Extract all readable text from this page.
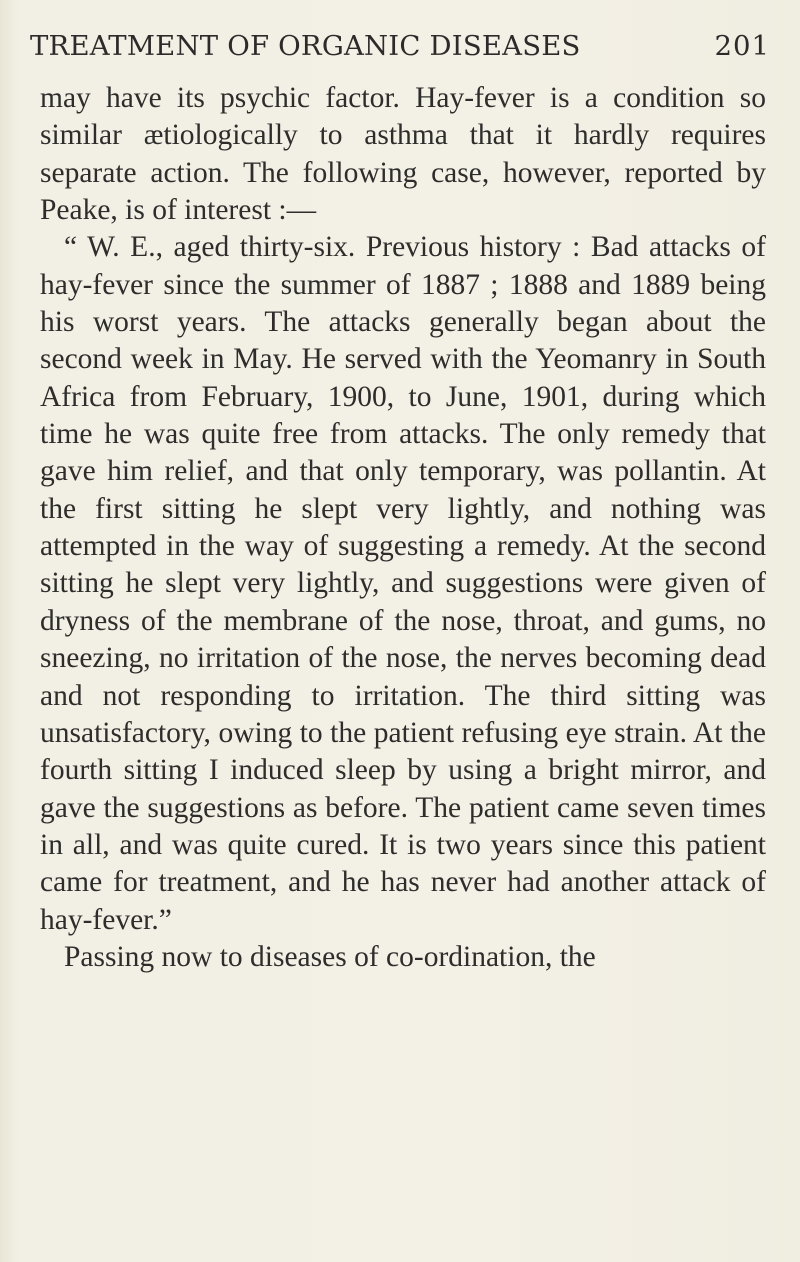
TREATMENT OF ORGANIC DISEASES	201

may have its psychic factor. Hay-fever is a condition so similar ætiologically to asthma that it hardly requires separate action. The following case, however, reported by Peake, is of interest :—

“ W. E., aged thirty-six. Previous history : Bad attacks of hay-fever since the summer of 1887 ; 1888 and 1889 being his worst years. The attacks generally began about the second week in May. He served with the Yeomanry in South Africa from February, 1900, to June, 1901, during which time he was quite free from attacks. The only remedy that gave him relief, and that only temporary, was pollantin. At the first sitting he slept very lightly, and nothing was attempted in the way of suggesting a remedy. At the second sitting he slept very lightly, and suggestions were given of dryness of the membrane of the nose, throat, and gums, no sneezing, no irritation of the nose, the nerves becoming dead and not responding to irritation. The third sitting was unsatisfactory, owing to the patient refusing eye strain. At the fourth sitting I induced sleep by using a bright mirror, and gave the suggestions as before. The patient came seven times in all, and was quite cured. It is two years since this patient came for treatment, and he has never had another attack of hay-fever.”

Passing now to diseases of co-ordination, the
